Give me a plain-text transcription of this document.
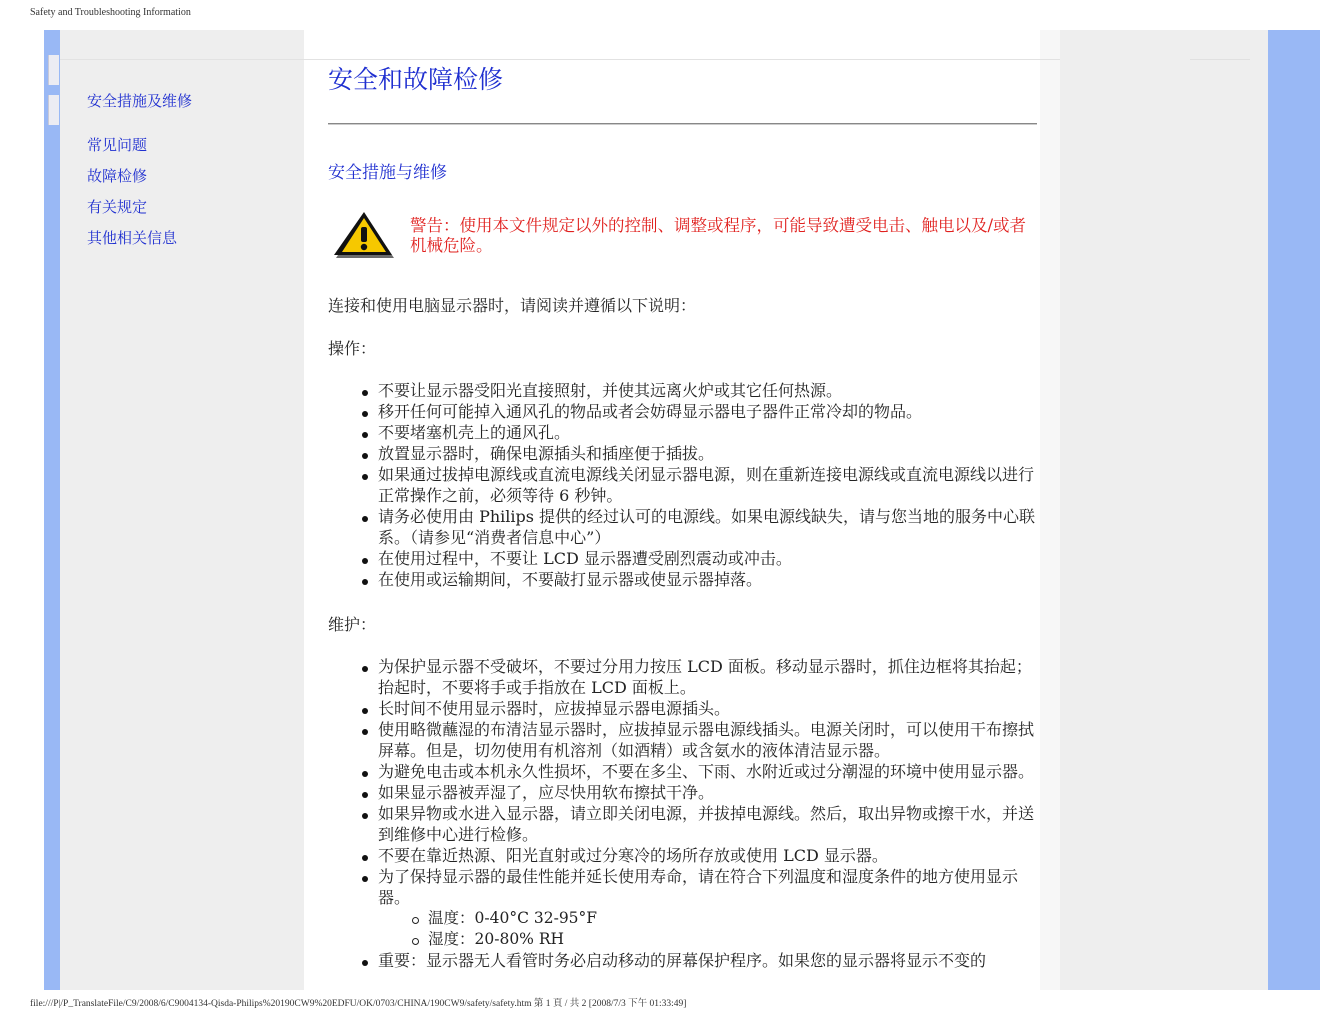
Safety and Troubleshooting Information
安全措施及维修
常见问题
故障检修
有关规定
其他相关信息
安全和故障检修
安全措施与维修
警告：使用本文件规定以外的控制、调整或程序，可能导致遭受电击、触电以及/或者机械危险。
连接和使用电脑显示器时，请阅读并遵循以下说明：
操作：
不要让显示器受阳光直接照射，并使其远离火炉或其它任何热源。
移开任何可能掉入通风孔的物品或者会妨碍显示器电子器件正常冷却的物品。
不要堵塞机壳上的通风孔。
放置显示器时，确保电源插头和插座便于插拔。
如果通过拔掉电源线或直流电源线关闭显示器电源，则在重新连接电源线或直流电源线以进行正常操作之前，必须等待 6 秒钟。
请务必使用由 Philips 提供的经过认可的电源线。如果电源线缺失，请与您当地的服务中心联系。（请参见“消费者信息中心”）
在使用过程中，不要让 LCD 显示器遭受剧烈震动或冲击。
在使用或运输期间，不要敲打显示器或使显示器掉落。
维护：
为保护显示器不受破坏，不要过分用力按压 LCD 面板。移动显示器时，抓住边框将其抬起；抬起时，不要将手或手指放在 LCD 面板上。
长时间不使用显示器时，应拔掉显示器电源插头。
使用略微蘸湿的布清洁显示器时，应拔掉显示器电源线插头。电源关闭时，可以使用干布擦拭屏幕。但是，切勿使用有机溶剂（如酒精）或含氨水的液体清洁显示器。
为避免电击或本机永久性损坏，不要在多尘、下雨、水附近或过分潮湿的环境中使用显示器。
如果显示器被弄湿了，应尽快用软布擦拭干净。
如果异物或水进入显示器，请立即关闭电源，并拔掉电源线。然后，取出异物或擦干水，并送到维修中心进行检修。
不要在靠近热源、阳光直射或过分寒冷的场所存放或使用 LCD 显示器。
为了保持显示器的最佳性能并延长使用寿命，请在符合下列温度和湿度条件的地方使用显示器。
温度：0-40°C 32-95°F
湿度：20-80% RH
重要：显示器无人看管时务必启动移动的屏幕保护程序。如果您的显示器将显示不变的
file:///P|/P_TranslateFile/C9/2008/6/C9004134-Qisda-Philips%20190CW9%20EDFU/OK/0703/CHINA/190CW9/safety/safety.htm 第 1 頁 / 共 2 [2008/7/3 下午 01:33:49]
